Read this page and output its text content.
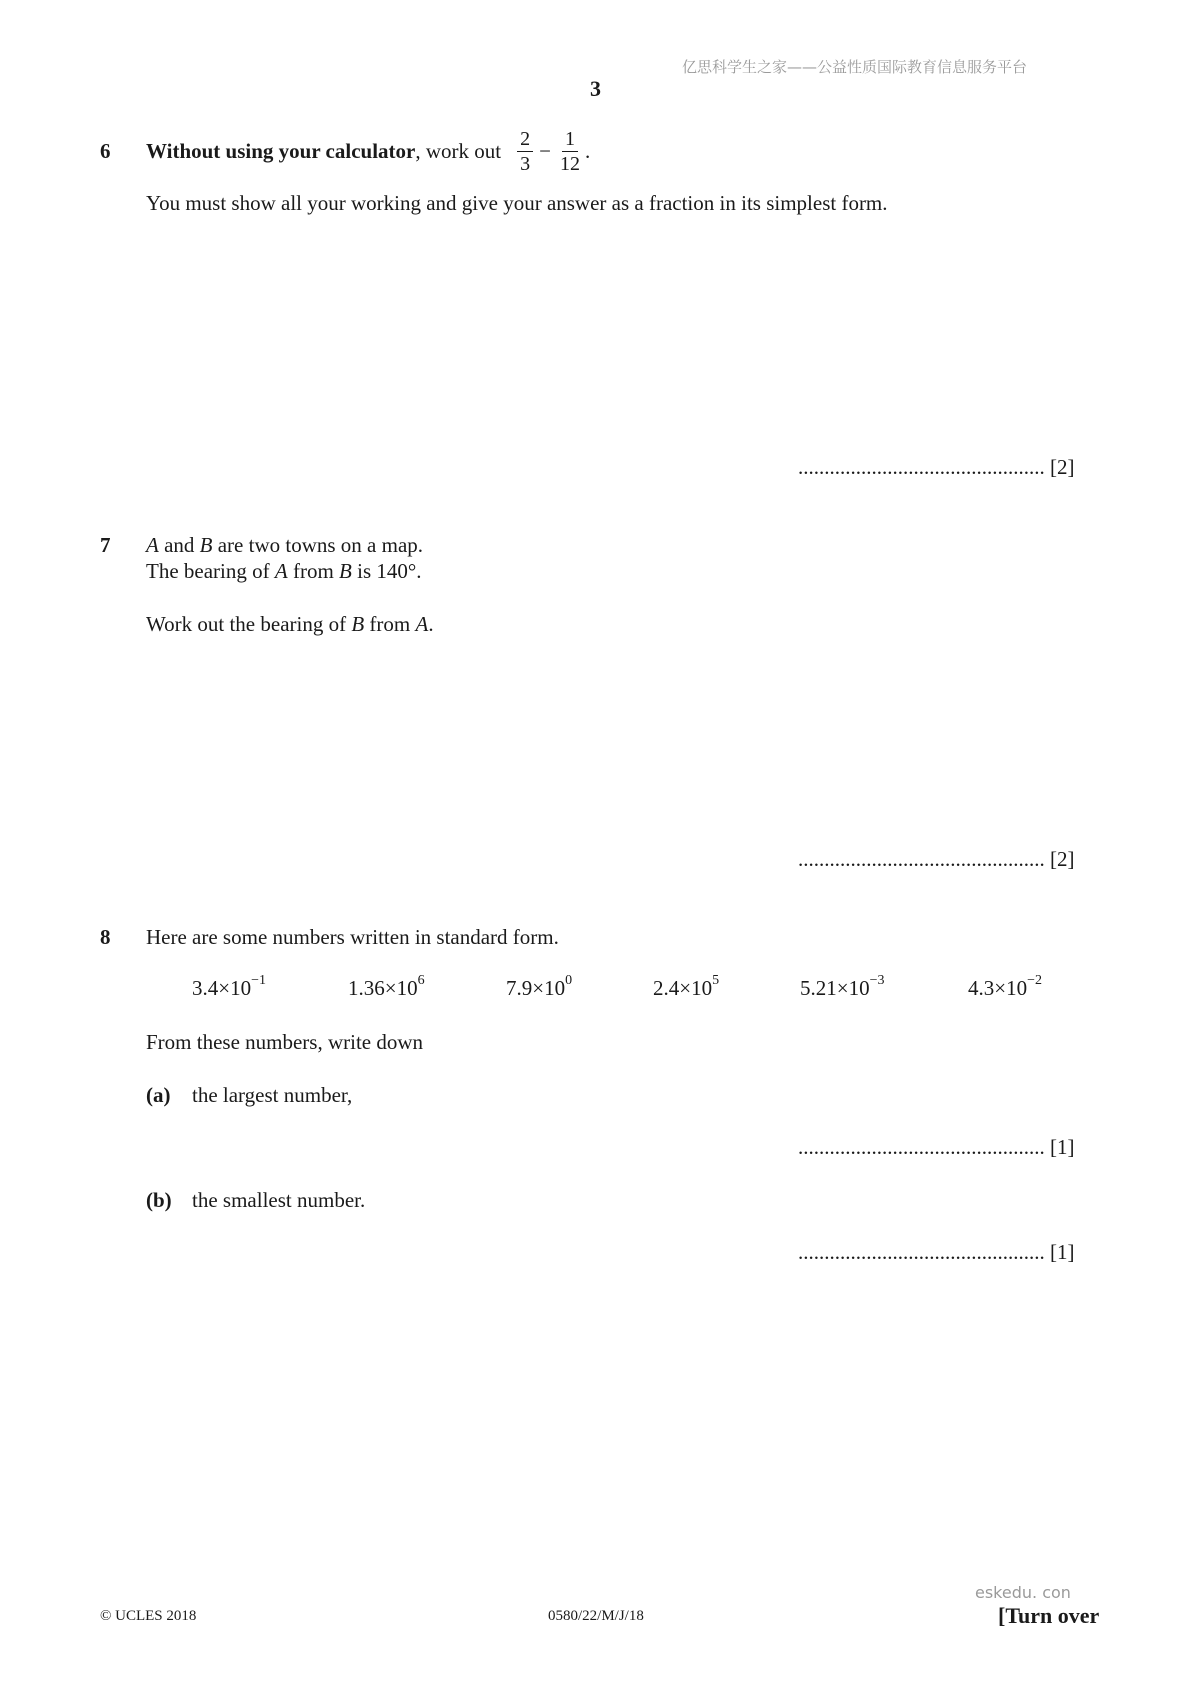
亿思科学生之家——公益性质国际教育信息服务平台
3
6 Without using your calculator , work out $\frac{2}{3} - \frac{1}{12}$ .
You must show all your working and give your answer as a fraction in its simplest form.
............................................... [2]
7 A and B are two towns on a map.
The bearing of A from B is 140°.
Work out the bearing of B from A.
............................................... [2]
8 Here are some numbers written in standard form.
$3.4\times 10^{-1}$	$1.36\times 10^6$	$7.9\times 10^0$	$2.4\times 10^5$	$5.21\times 10^{-3}$	$4.3\times 10^{-2}$
From these numbers, write down
(a) the largest number,
............................................... [1]
(b) the smallest number.
............................................... [1]
eskedu. con
© UCLES 2018	0580/22/M/J/18	[Turn over
